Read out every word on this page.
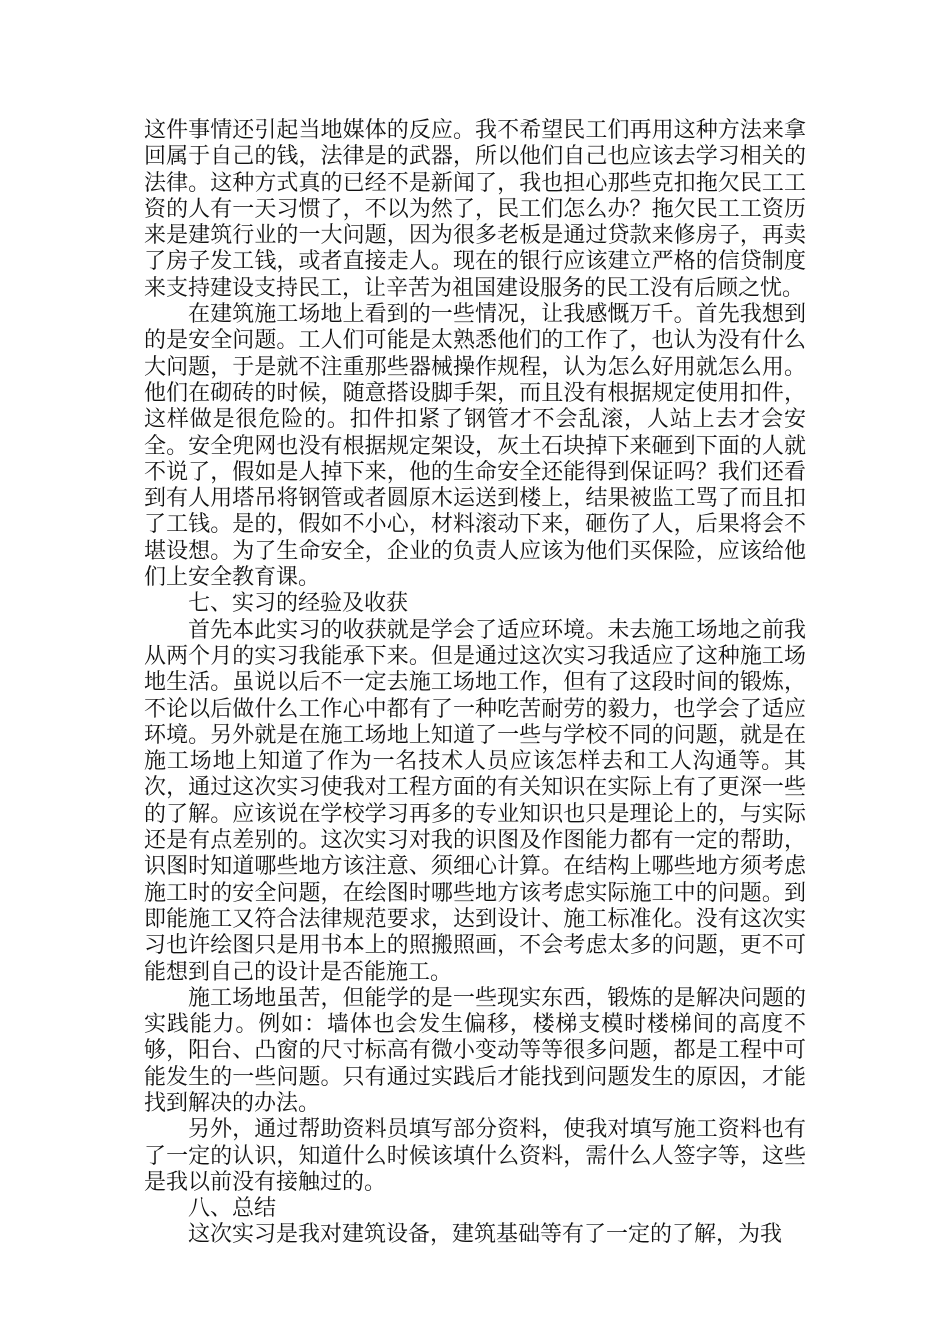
这件事情还引起当地媒体的反应。我不希望民工们再用这种方法来拿回属于自己的钱，法律是的武器，所以他们自己也应该去学习相关的法律。这种方式真的已经不是新闻了，我也担心那些克扣拖欠民工工资的人有一天习惯了，不以为然了，民工们怎么办？拖欠民工工资历来是建筑行业的一大问题，因为很多老板是通过贷款来修房子，再卖了房子发工钱，或者直接走人。现在的银行应该建立严格的信贷制度来支持建设支持民工，让辛苦为祖国建设服务的民工没有后顾之忧。

在建筑施工场地上看到的一些情况，让我感慨万千。首先我想到的是安全问题。工人们可能是太熟悉他们的工作了，也认为没有什么大问题，于是就不注重那些器械操作规程，认为怎么好用就怎么用。他们在砌砖的时候，随意搭设脚手架，而且没有根据规定使用扣件，这样做是很危险的。扣件扣紧了钢管才不会乱滚，人站上去才会安全。安全兜网也没有根据规定架设，灰土石块掉下来砸到下面的人就不说了，假如是人掉下来，他的生命安全还能得到保证吗？我们还看到有人用塔吊将钢管或者圆原木运送到楼上，结果被监工骂了而且扣了工钱。是的，假如不小心，材料滚动下来，砸伤了人，后果将会不堪设想。为了生命安全，企业的负责人应该为他们买保险，应该给他们上安全教育课。

七、实习的经验及收获

首先本此实习的收获就是学会了适应环境。未去施工场地之前我从两个月的实习我能承下来。但是通过这次实习我适应了这种施工场地生活。虽说以后不一定去施工场地工作，但有了这段时间的锻炼，不论以后做什么工作心中都有了一种吃苦耐劳的毅力，也学会了适应环境。另外就是在施工场地上知道了一些与学校不同的问题，就是在施工场地上知道了作为一名技术人员应该怎样去和工人沟通等。其次，通过这次实习使我对工程方面的有关知识在实际上有了更深一些的了解。应该说在学校学习再多的专业知识也只是理论上的，与实际还是有点差别的。这次实习对我的识图及作图能力都有一定的帮助，识图时知道哪些地方该注意、须细心计算。在结构上哪些地方须考虑施工时的安全问题，在绘图时哪些地方该考虑实际施工中的问题。到即能施工又符合法律规范要求，达到设计、施工标准化。没有这次实习也许绘图只是用书本上的照搬照画，不会考虑太多的问题，更不可能想到自己的设计是否能施工。

施工场地虽苦，但能学的是一些现实东西，锻炼的是解决问题的实践能力。例如：墙体也会发生偏移，楼梯支模时楼梯间的高度不够，阳台、凸窗的尺寸标高有微小变动等等很多问题，都是工程中可能发生的一些问题。只有通过实践后才能找到问题发生的原因，才能找到解决的办法。

另外，通过帮助资料员填写部分资料，使我对填写施工资料也有了一定的认识，知道什么时候该填什么资料，需什么人签字等，这些是我以前没有接触过的。

八、总结

这次实习是我对建筑设备，建筑基础等有了一定的了解，为我
